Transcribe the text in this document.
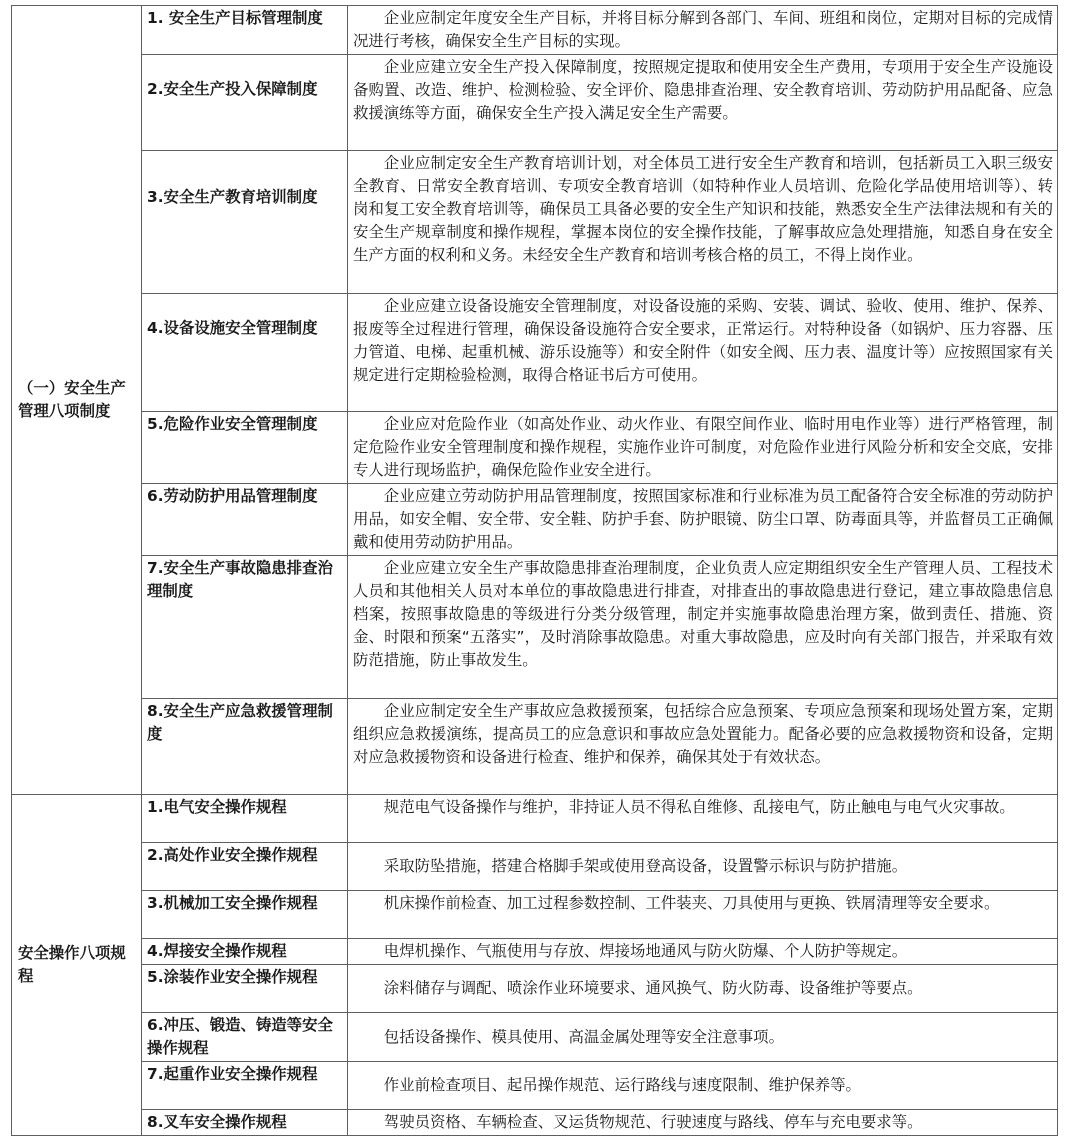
（一）安全生产管理八项制度	1. 安全生产目标管理制度	企业应制定年度安全生产目标，并将目标分解到各部门、车间、班组和岗位，定期对目标的完成情况进行考核，确保安全生产目标的实现。
	2.安全生产投入保障制度	企业应建立安全生产投入保障制度，按照规定提取和使用安全生产费用，专项用于安全生产设施设备购置、改造、维护、检测检验、安全评价、隐患排查治理、安全教育培训、劳动防护用品配备、应急救援演练等方面，确保安全生产投入满足安全生产需要。
	3.安全生产教育培训制度	企业应制定安全生产教育培训计划，对全体员工进行安全生产教育和培训，包括新员工入职三级安全教育、日常安全教育培训、专项安全教育培训（如特种作业人员培训、危险化学品使用培训等）、转岗和复工安全教育培训等，确保员工具备必要的安全生产知识和技能，熟悉安全生产法律法规和有关的安全生产规章制度和操作规程，掌握本岗位的安全操作技能，了解事故应急处理措施，知悉自身在安全生产方面的权利和义务。未经安全生产教育和培训考核合格的员工，不得上岗作业。
	4.设备设施安全管理制度	企业应建立设备设施安全管理制度，对设备设施的采购、安装、调试、验收、使用、维护、保养、报废等全过程进行管理，确保设备设施符合安全要求，正常运行。对特种设备（如锅炉、压力容器、压力管道、电梯、起重机械、游乐设施等）和安全附件（如安全阀、压力表、温度计等）应按照国家有关规定进行定期检验检测，取得合格证书后方可使用。
	5.危险作业安全管理制度	企业应对危险作业（如高处作业、动火作业、有限空间作业、临时用电作业等）进行严格管理，制定危险作业安全管理制度和操作规程，实施作业许可制度，对危险作业进行风险分析和安全交底，安排专人进行现场监护，确保危险作业安全进行。
	6.劳动防护用品管理制度	企业应建立劳动防护用品管理制度，按照国家标准和行业标准为员工配备符合安全标准的劳动防护用品，如安全帽、安全带、安全鞋、防护手套、防护眼镜、防尘口罩、防毒面具等，并监督员工正确佩戴和使用劳动防护用品。
	7.安全生产事故隐患排查治理制度	企业应建立安全生产事故隐患排查治理制度，企业负责人应定期组织安全生产管理人员、工程技术人员和其他相关人员对本单位的事故隐患进行排查，对排查出的事故隐患进行登记，建立事故隐患信息档案，按照事故隐患的等级进行分类分级管理，制定并实施事故隐患治理方案，做到责任、措施、资金、时限和预案“五落实”，及时消除事故隐患。对重大事故隐患，应及时向有关部门报告，并采取有效防范措施，防止事故发生。
	8.安全生产应急救援管理制度	企业应制定安全生产事故应急救援预案，包括综合应急预案、专项应急预案和现场处置方案，定期组织应急救援演练，提高员工的应急意识和事故应急处置能力。配备必要的应急救援物资和设备，定期对应急救援物资和设备进行检查、维护和保养，确保其处于有效状态。
安全操作八项规程	1.电气安全操作规程	规范电气设备操作与维护，非持证人员不得私自维修、乱接电气，防止触电与电气火灾事故。
	2.高处作业安全操作规程	采取防坠措施，搭建合格脚手架或使用登高设备，设置警示标识与防护措施。
	3.机械加工安全操作规程	机床操作前检查、加工过程参数控制、工件装夹、刀具使用与更换、铁屑清理等安全要求。
	4.焊接安全操作规程	电焊机操作、气瓶使用与存放、焊接场地通风与防火防爆、个人防护等规定。
	5.涂装作业安全操作规程	涂料储存与调配、喷涂作业环境要求、通风换气、防火防毒、设备维护等要点。
	6.冲压、锻造、铸造等安全操作规程	包括设备操作、模具使用、高温金属处理等安全注意事项。
	7.起重作业安全操作规程	作业前检查项目、起吊操作规范、运行路线与速度限制、维护保养等。
	8.叉车安全操作规程	驾驶员资格、车辆检查、叉运货物规范、行驶速度与路线、停车与充电要求等。
